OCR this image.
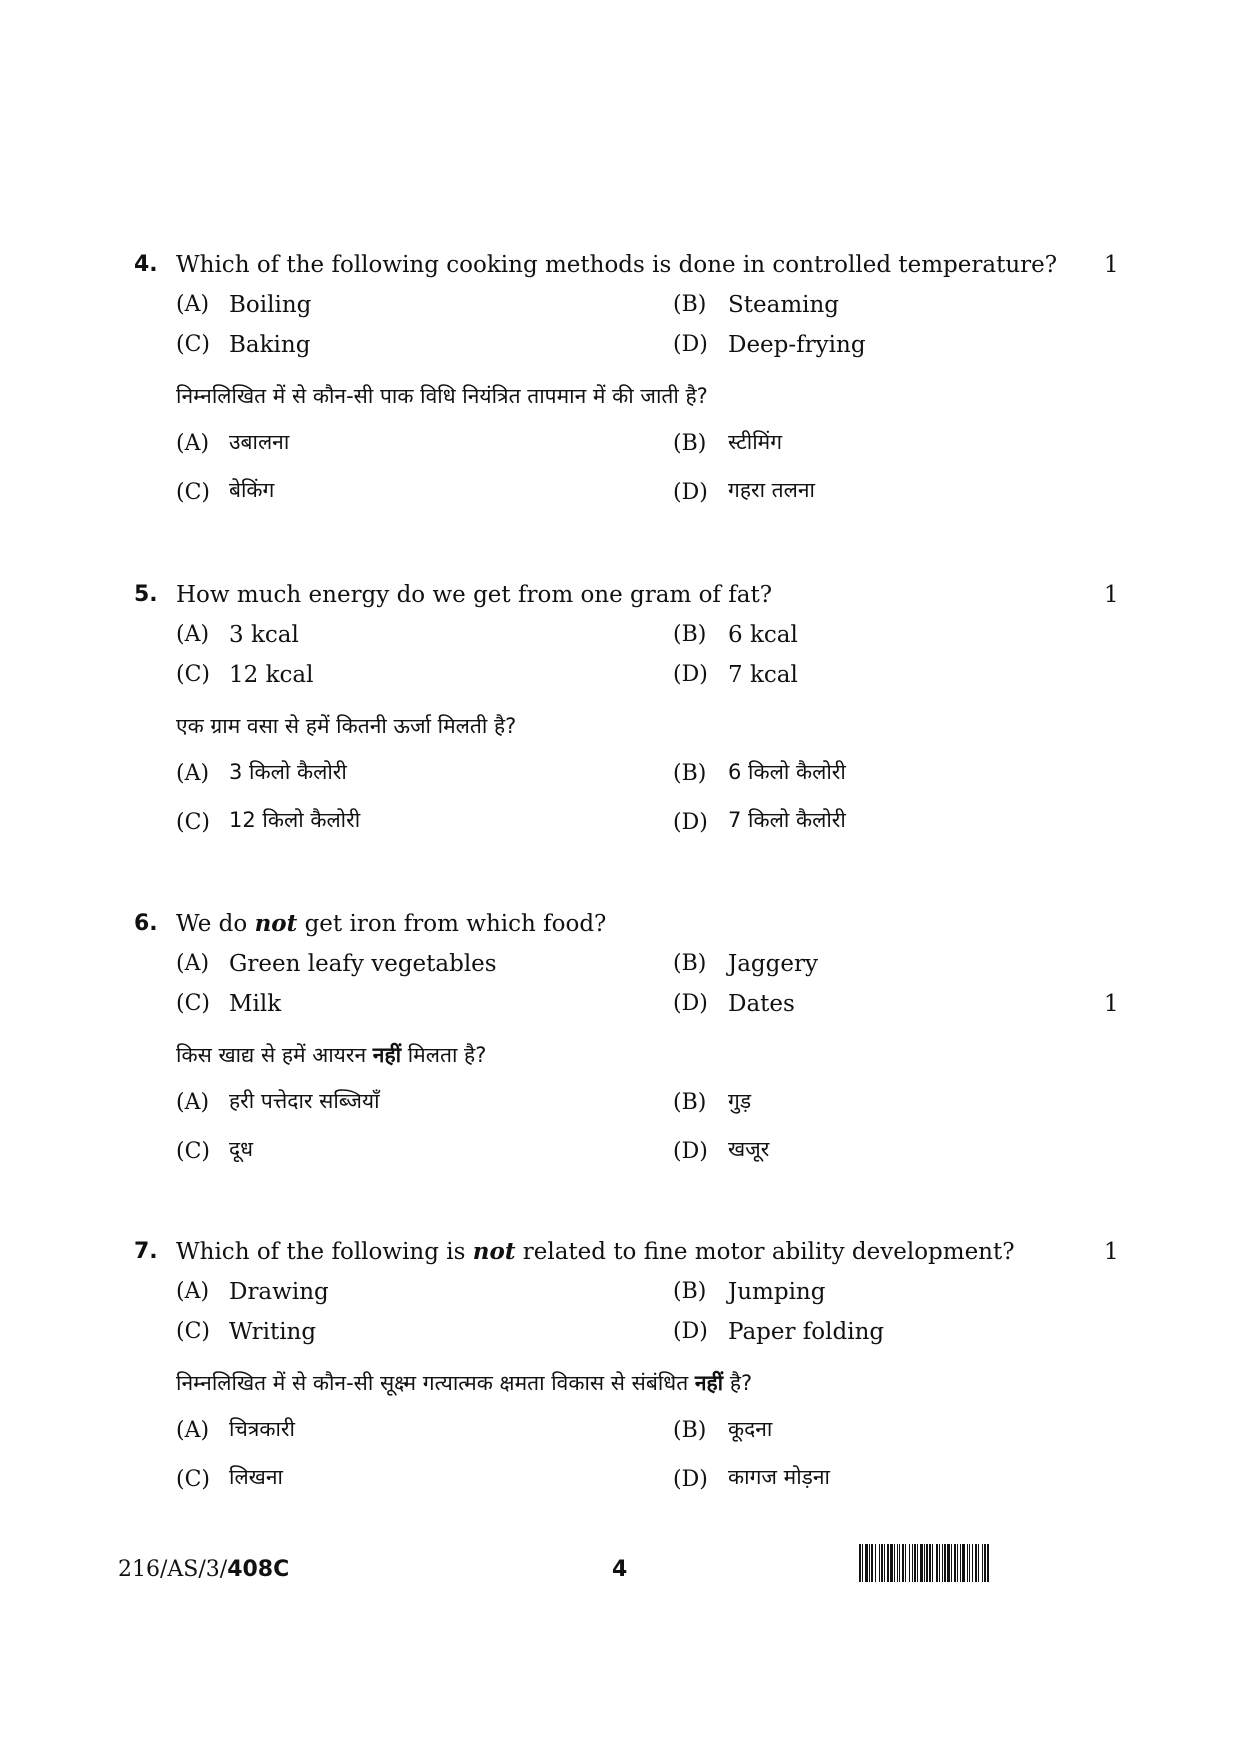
4. Which of the following cooking methods is done in controlled temperature? 1
(A) Boiling	(B) Steaming
(C) Baking	(D) Deep-frying
निम्नलिखित में से कौन-सी पाक विधि नियंत्रित तापमान में की जाती है?
(A) उबालना	(B) स्टीमिंग
(C) बेकिंग	(D) गहरा तलना
5. How much energy do we get from one gram of fat?	1
(A) 3 kcal	(B) 6 kcal
(C) 12 kcal	(D) 7 kcal
एक ग्राम वसा से हमें कितनी ऊर्जा मिलती है?
(A) 3 किलो कैलोरी	(B) 6 किलो कैलोरी
(C) 12 किलो कैलोरी	(D) 7 किलो कैलोरी
6. We do not get iron from which food?
(A) Green leafy vegetables	(B) Jaggery
(C) Milk	(D) Dates	1
किस खाद्य से हमें आयरन नहीं मिलता है?
(A) हरी पत्तेदार सब्जियाँ	(B) गुड़
(C) दूध	(D) खजूर
7. Which of the following is not related to fine motor ability development?	1
(A) Drawing	(B) Jumping
(C) Writing	(D) Paper folding
निम्नलिखित में से कौन-सी सूक्ष्म गत्यात्मक क्षमता विकास से संबंधित नहीं है?
(A) चित्रकारी	(B) कूदना
(C) लिखना	(D) कागज मोड़ना
216/AS/3/408C	4
